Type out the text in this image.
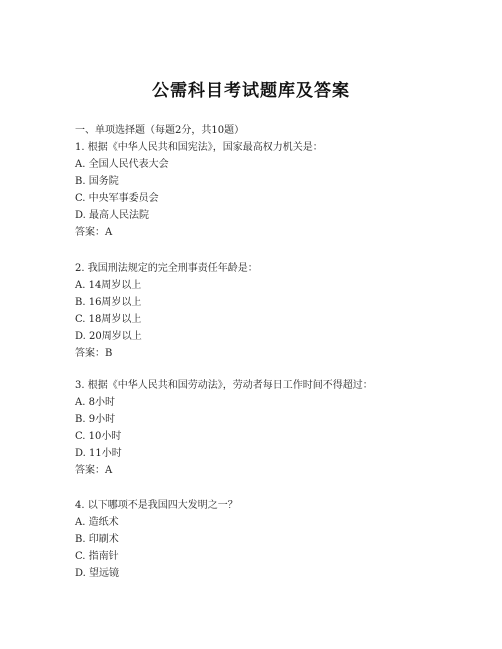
公需科目考试题库及答案
一、单项选择题（每题2分，共10题）
1. 根据《中华人民共和国宪法》，国家最高权力机关是：
A. 全国人民代表大会
B. 国务院
C. 中央军事委员会
D. 最高人民法院
答案：A
2. 我国刑法规定的完全刑事责任年龄是：
A. 14周岁以上
B. 16周岁以上
C. 18周岁以上
D. 20周岁以上
答案：B
3. 根据《中华人民共和国劳动法》，劳动者每日工作时间不得超过：
A. 8小时
B. 9小时
C. 10小时
D. 11小时
答案：A
4. 以下哪项不是我国四大发明之一？
A. 造纸术
B. 印刷术
C. 指南针
D. 望远镜
